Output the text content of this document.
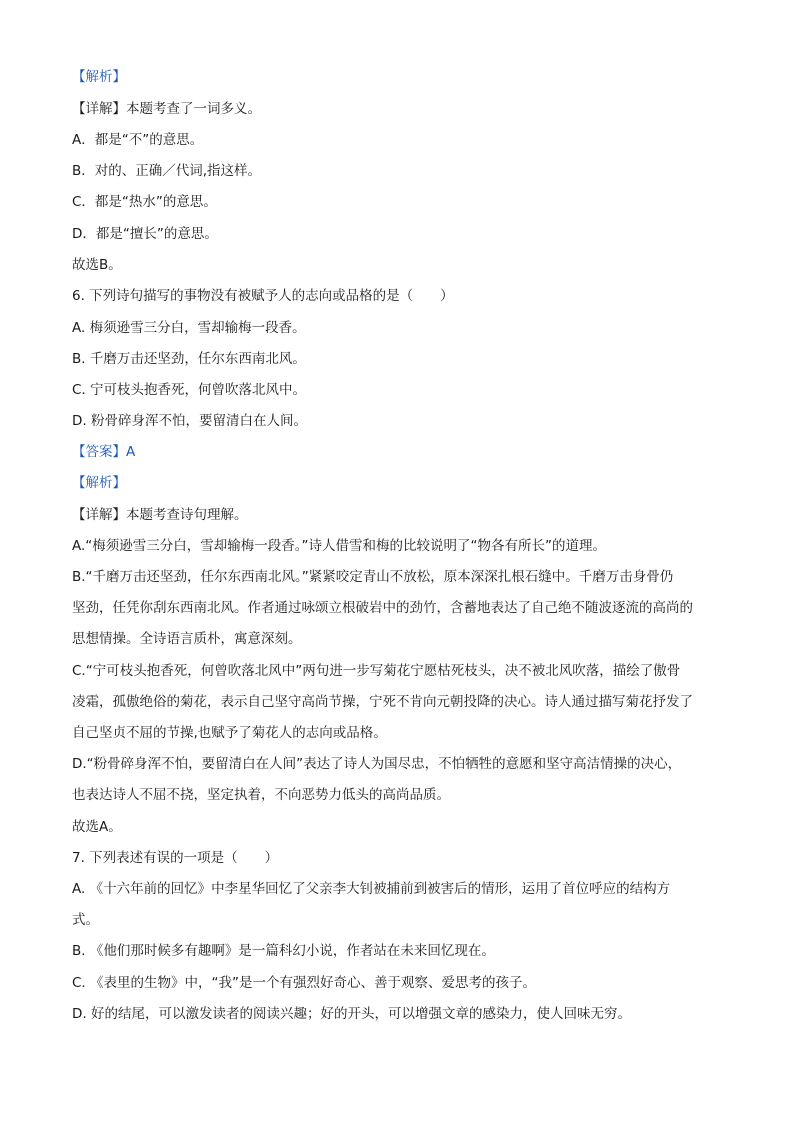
【解析】
【详解】本题考查了一词多义。
A．都是“不”的意思。
B．对的、正确／代词,指这样。
C．都是“热水”的意思。
D．都是“擅长”的意思。
故选B。
6. 下列诗句描写的事物没有被赋予人的志向或品格的是（　　）
A. 梅须逊雪三分白，雪却输梅一段香。
B. 千磨万击还坚劲，任尔东西南北风。
C. 宁可枝头抱香死，何曾吹落北风中。
D. 粉骨碎身浑不怕，要留清白在人间。
【答案】A
【解析】
【详解】本题考查诗句理解。
A.“梅须逊雪三分白，雪却输梅一段香。”诗人借雪和梅的比较说明了“物各有所长”的道理。
B.“千磨万击还坚劲，任尔东西南北风。”紧紧咬定青山不放松，原本深深扎根石缝中。千磨万击身骨仍
坚劲，任凭你刮东西南北风。作者通过咏颂立根破岩中的劲竹，含蓄地表达了自己绝不随波逐流的高尚的
思想情操。全诗语言质朴，寓意深刻。
C.“宁可枝头抱香死，何曾吹落北风中”两句进一步写菊花宁愿枯死枝头，决不被北风吹落，描绘了傲骨
凌霜，孤傲绝俗的菊花，表示自己坚守高尚节操，宁死不肯向元朝投降的决心。诗人通过描写菊花抒发了
自己坚贞不屈的节操,也赋予了菊花人的志向或品格。
D.“粉骨碎身浑不怕，要留清白在人间”表达了诗人为国尽忠，不怕牺牲的意愿和坚守高洁情操的决心，
也表达诗人不屈不挠，坚定执着，不向恶势力低头的高尚品质。
故选A。
7. 下列表述有误的一项是（　　）
A. 《十六年前的回忆》中李星华回忆了父亲李大钊被捕前到被害后的情形，运用了首位呼应的结构方
式。
B. 《他们那时候多有趣啊》是一篇科幻小说，作者站在未来回忆现在。
C. 《表里的生物》中，“我”是一个有强烈好奇心、善于观察、爱思考的孩子。
D. 好的结尾，可以激发读者的阅读兴趣；好的开头，可以增强文章的感染力，使人回味无穷。
